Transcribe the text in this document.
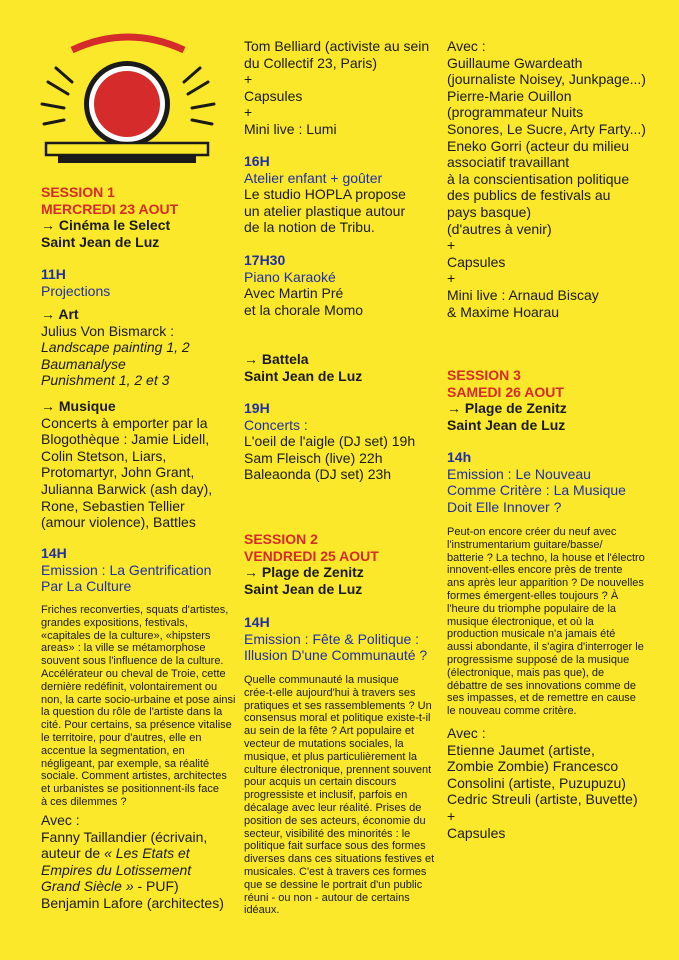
SESSION 1

MERCREDI 23 AOUT

→ Cinéma le Select

Saint Jean de Luz

11H

Projections

→ Art

Julius Von Bismarck :

Landscape painting 1, 2

Baumanalyse

Punishment 1, 2 et 3

→ Musique

Concerts à emporter par la

Blogothèque : Jamie Lidell,

Colin Stetson, Liars,

Protomartyr, John Grant,

Julianna Barwick (ash day),

Rone, Sebastien Tellier

(amour violence), Battles

14H

Emission : La Gentrification

Par La Culture

Friches reconverties, squats d'artistes,

grandes expositions, festivals,

«capitales de la culture», «hipsters

areas» : la ville se métamorphose

souvent sous l'influence de la culture.

Accélérateur ou cheval de Troie, cette

dernière redéfinit, volontairement ou

non, la carte socio-urbaine et pose ainsi

la question du rôle de l'artiste dans la

cité. Pour certains, sa présence vitalise

le territoire, pour d'autres, elle en

accentue la segmentation, en

négligeant, par exemple, sa réalité

sociale. Comment artistes, architectes

et urbanistes se positionnent-ils face

à ces dilemmes ?

Avec :

Fanny Taillandier (écrivain,

auteur de « Les Etats et

Empires du Lotissement

Grand Siècle » - PUF)

Benjamin Lafore (architectes)

Tom Belliard (activiste au sein

du Collectif 23, Paris)

+

Capsules

+

Mini live : Lumi

16H

Atelier enfant + goûter

Le studio HOPLA propose

un atelier plastique autour

de la notion de Tribu.

17H30

Piano Karaoké

Avec Martin Pré

et la chorale Momo

→ Battela

Saint Jean de Luz

19H

Concerts :

L'oeil de l'aigle (DJ set) 19h

Sam Fleisch (live) 22h

Baleaonda (DJ set) 23h

SESSION 2

VENDREDI 25 AOUT

→ Plage de Zenitz

Saint Jean de Luz

14H

Emission : Fête & Politique :

Illusion D'une Communauté ?

Quelle communauté la musique

crée-t-elle aujourd'hui à travers ses

pratiques et ses rassemblements ? Un

consensus moral et politique existe-t-il

au sein de la fête ? Art populaire et

vecteur de mutations sociales, la

musique, et plus particulièrement la

culture électronique, prennent souvent

pour acquis un certain discours

progressiste et inclusif, parfois en

décalage avec leur réalité. Prises de

position de ses acteurs, économie du

secteur, visibilité des minorités : le

politique fait surface sous des formes

diverses dans ces situations festives et

musicales. C'est à travers ces formes

que se dessine le portrait d'un public

réuni - ou non - autour de certains

idéaux.

Avec :

Guillaume Gwardeath

(journaliste Noisey, Junkpage...)

Pierre-Marie Ouillon

(programmateur Nuits

Sonores, Le Sucre, Arty Farty...)

Eneko Gorri (acteur du milieu

associatif travaillant

à la conscientisation politique

des publics de festivals au

pays basque)

(d'autres à venir)

+

Capsules

+

Mini live : Arnaud Biscay

& Maxime Hoarau

SESSION 3

SAMEDI 26 AOUT

→ Plage de Zenitz

Saint Jean de Luz

14h

Emission : Le Nouveau

Comme Critère : La Musique

Doit Elle Innover ?

Peut-on encore créer du neuf avec

l'instrumentarium guitare/basse/

batterie ? La techno, la house et l'électro

innovent-elles encore près de trente

ans après leur apparition ? De nouvelles

formes émergent-elles toujours ? À

l'heure du triomphe populaire de la

musique électronique, et où la

production musicale n'a jamais été

aussi abondante, il s'agira d'interroger le

progressisme supposé de la musique

(électronique, mais pas que), de

débattre de ses innovations comme de

ses impasses, et de remettre en cause

le nouveau comme critère.

Avec :

Etienne Jaumet (artiste,

Zombie Zombie) Francesco

Consolini (artiste, Puzupuzu)

Cedric Streuli (artiste, Buvette)

+

Capsules
